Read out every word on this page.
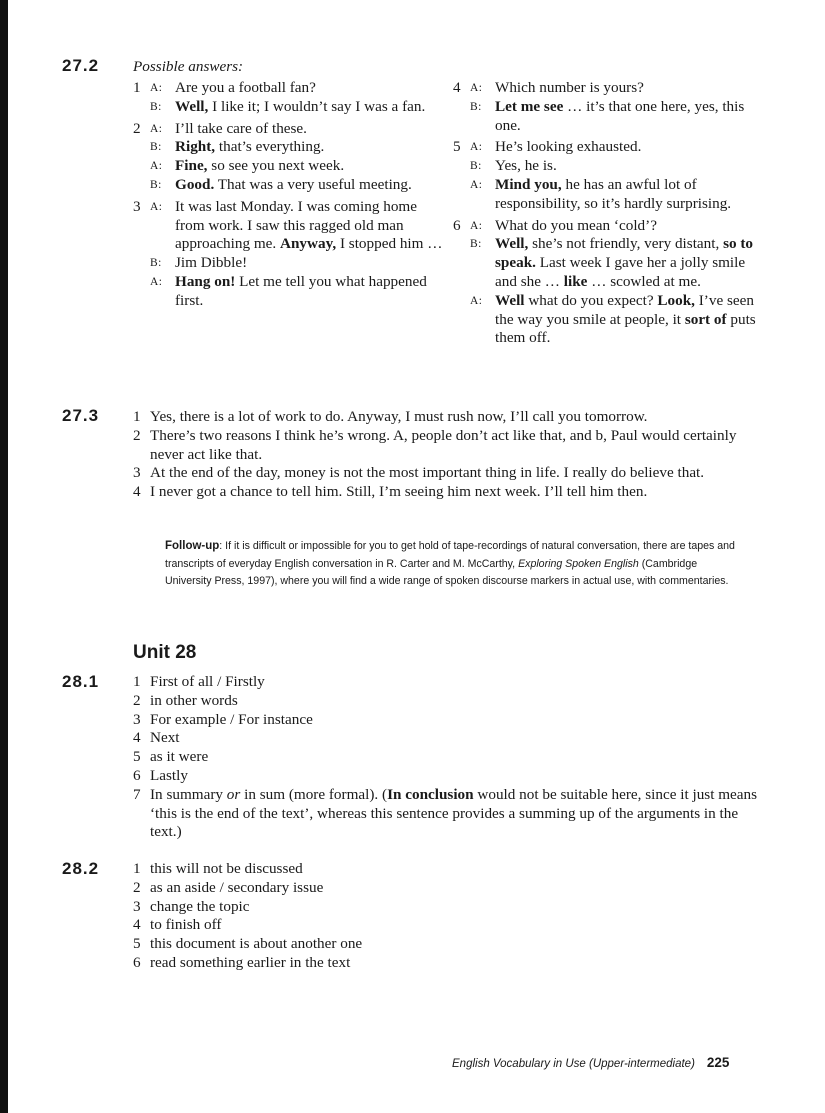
27.2 Possible answers:
1 A: Are you a football fan?
B: Well, I like it; I wouldn’t say I was a fan.
2 A: I’ll take care of these.
B: Right, that’s everything.
A: Fine, so see you next week.
B: Good. That was a very useful meeting.
3 A: It was last Monday. I was coming home from work. I saw this ragged old man approaching me. Anyway, I stopped him …
B: Jim Dibble!
A: Hang on! Let me tell you what happened first.
4 A: Which number is yours?
B: Let me see … it’s that one here, yes, this one.
5 A: He’s looking exhausted.
B: Yes, he is.
A: Mind you, he has an awful lot of responsibility, so it’s hardly surprising.
6 A: What do you mean ‘cold’?
B: Well, she’s not friendly, very distant, so to speak. Last week I gave her a jolly smile and she … like … scowled at me.
A: Well what do you expect? Look, I’ve seen the way you smile at people, it sort of puts them off.
27.3 1 Yes, there is a lot of work to do. Anyway, I must rush now, I’ll call you tomorrow.
2 There’s two reasons I think he’s wrong. A, people don’t act like that, and b, Paul would certainly never act like that.
3 At the end of the day, money is not the most important thing in life. I really do believe that.
4 I never got a chance to tell him. Still, I’m seeing him next week. I’ll tell him then.
Follow-up: If it is difficult or impossible for you to get hold of tape-recordings of natural conversation, there are tapes and transcripts of everyday English conversation in R. Carter and M. McCarthy, Exploring Spoken English (Cambridge University Press, 1997), where you will find a wide range of spoken discourse markers in actual use, with commentaries.
Unit 28
28.1 1 First of all / Firstly
2 in other words
3 For example / For instance
4 Next
5 as it were
6 Lastly
7 In summary or in sum (more formal). (In conclusion would not be suitable here, since it just means ‘this is the end of the text’, whereas this sentence provides a summing up of the arguments in the text.)
28.2 1 this will not be discussed
2 as an aside / secondary issue
3 change the topic
4 to finish off
5 this document is about another one
6 read something earlier in the text
English Vocabulary in Use (Upper-intermediate) 225
